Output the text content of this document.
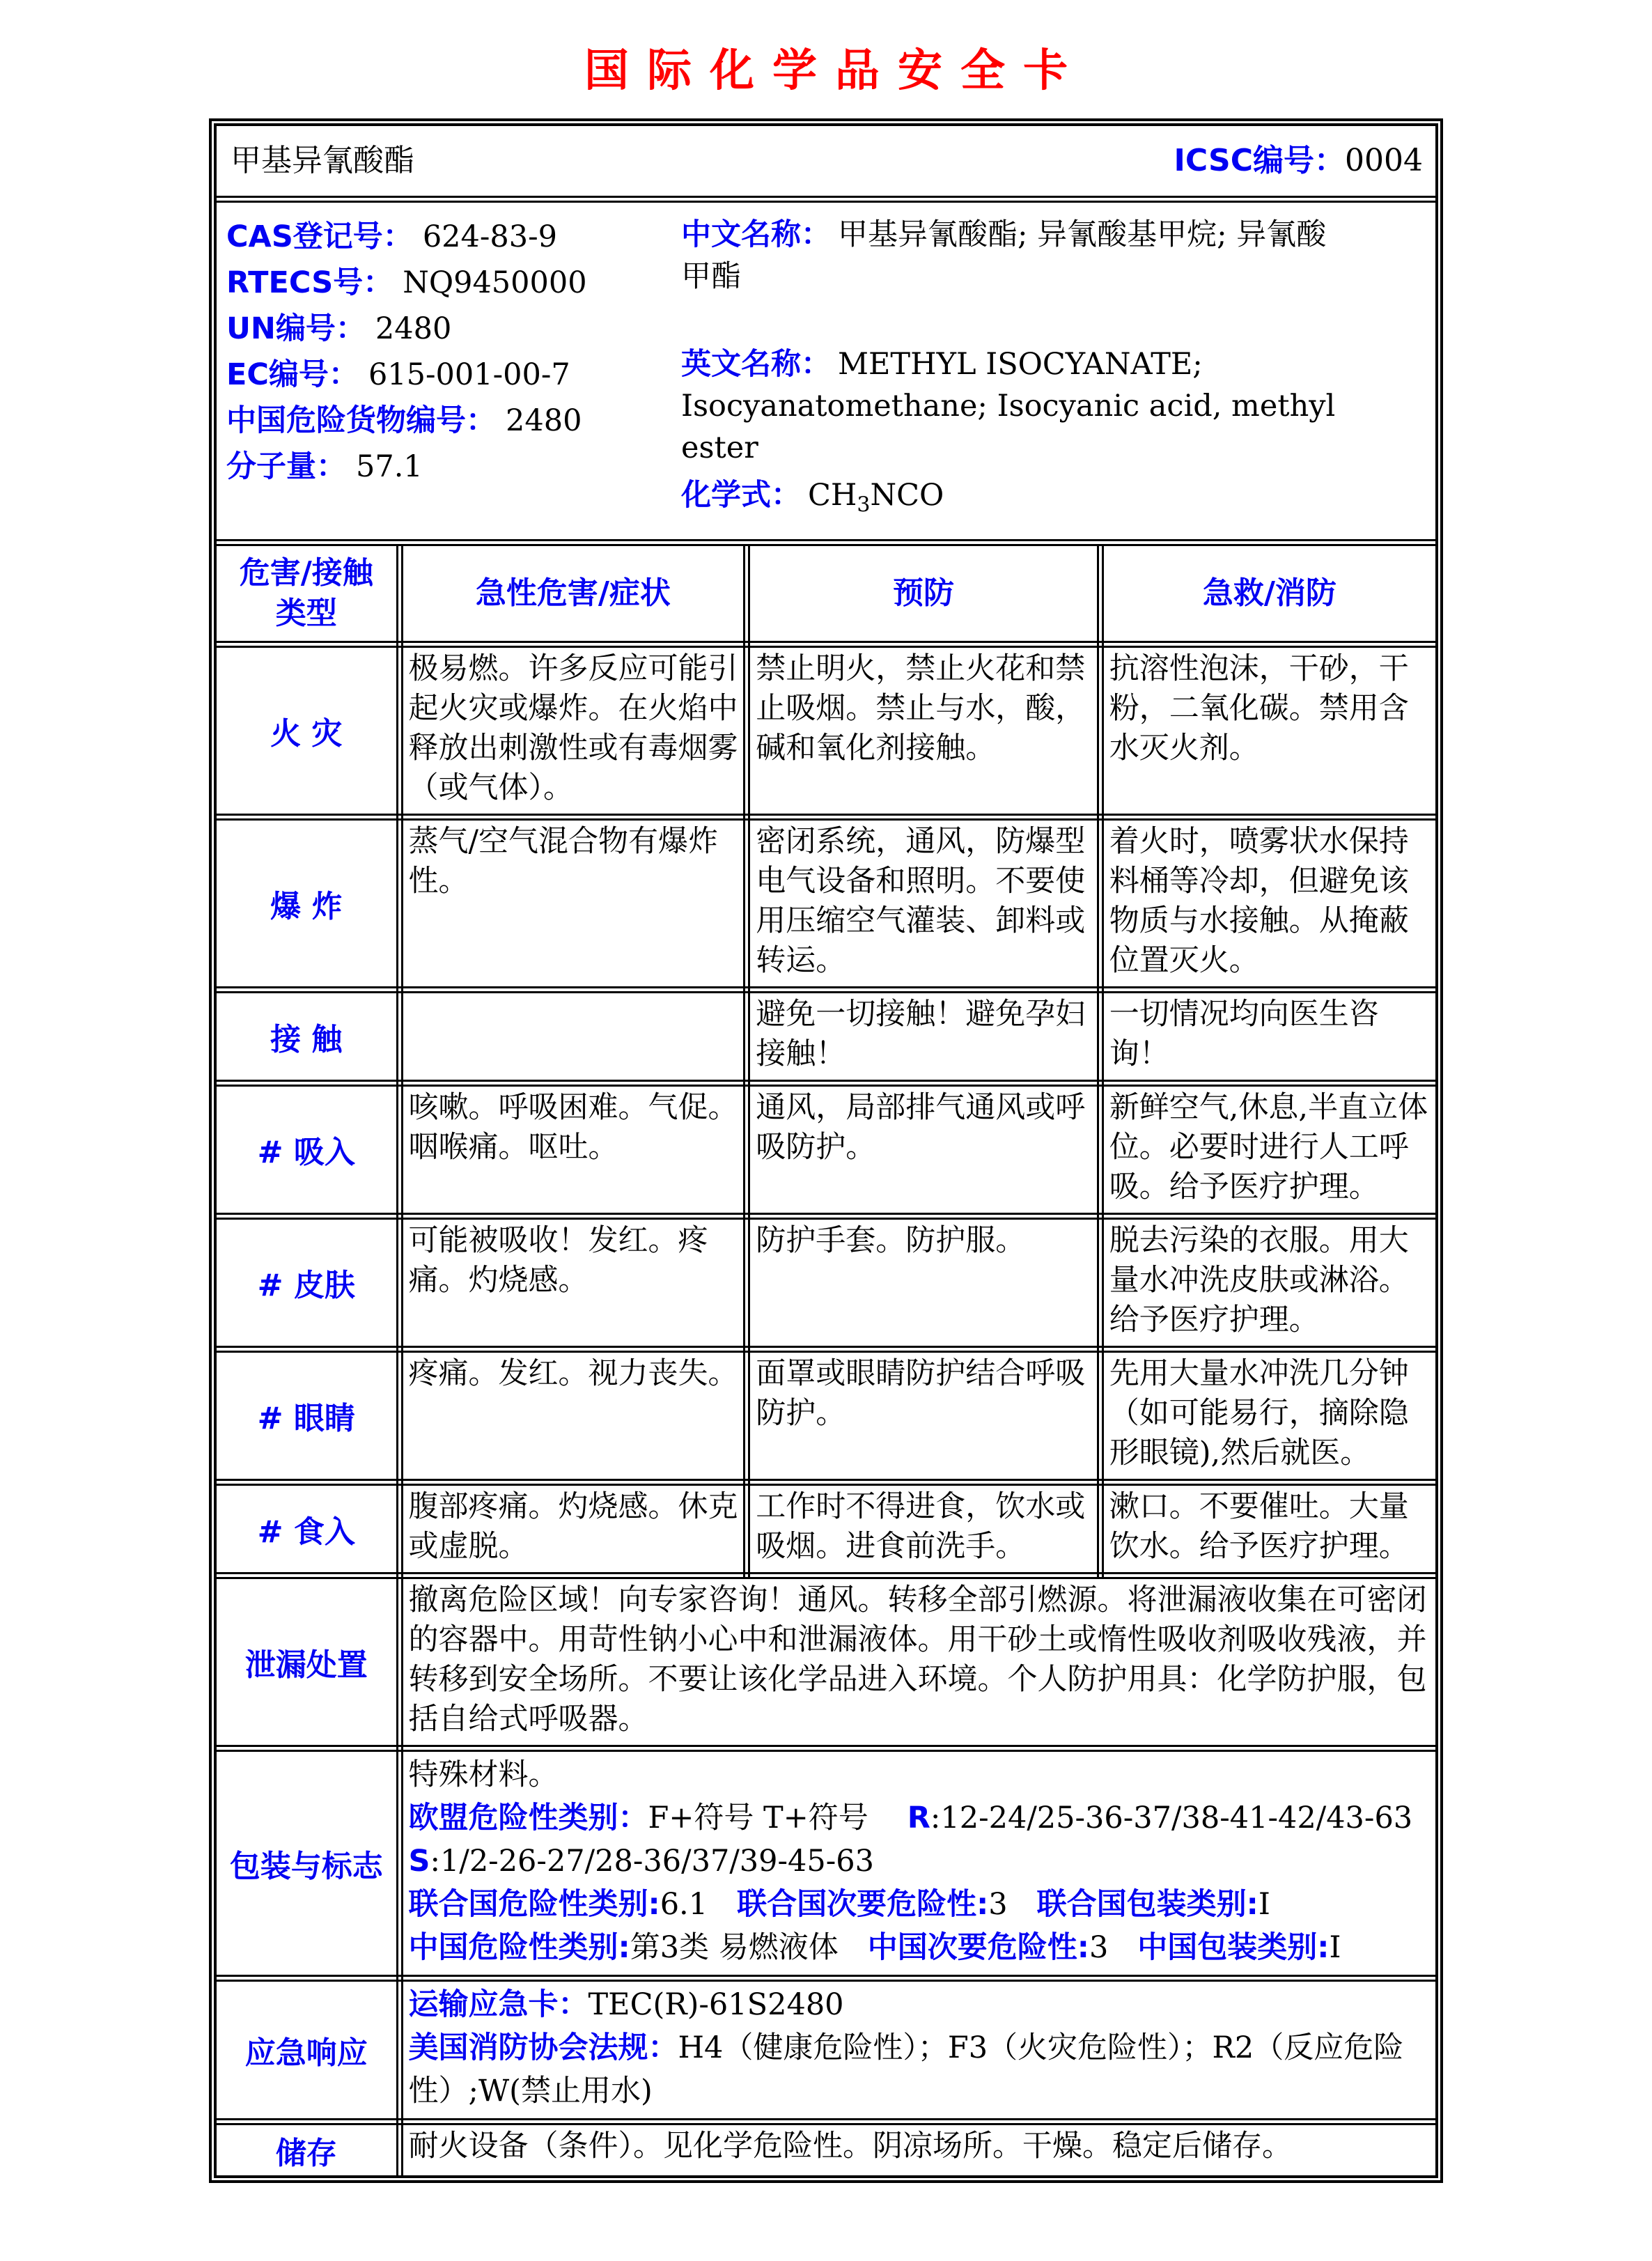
国际化学品安全卡
甲基异氰酸酯	ICSC编号：0004
CAS登记号： 624-83-9
RTECS号： NQ9450000
UN编号： 2480
EC编号： 615-001-00-7
中国危险货物编号： 2480
分子量： 57.1
中文名称： 甲基异氰酸酯; 异氰酸基甲烷; 异氰酸甲酯
英文名称： METHYL ISOCYANATE; Isocyanatomethane; Isocyanic acid, methyl ester
化学式： $CH_3NCO$
危害/接触
类型	急性危害/症状	预防	急救/消防
火 灾	极易燃。许多反应可能引起火灾或爆炸。在火焰中释放出刺激性或有毒烟雾（或气体）。	禁止明火，禁止火花和禁止吸烟。禁止与水，酸，碱和氧化剂接触。	抗溶性泡沫，干砂，干粉，二氧化碳。禁用含水灭火剂。
爆 炸	蒸气/空气混合物有爆炸性。	密闭系统，通风，防爆型电气设备和照明。不要使用压缩空气灌装、卸料或转运。	着火时，喷雾状水保持料桶等冷却，但避免该物质与水接触。从掩蔽位置灭火。
接 触		避免一切接触！避免孕妇接触！	一切情况均向医生咨询！
# 吸入	咳嗽。呼吸困难。气促。咽喉痛。呕吐。	通风，局部排气通风或呼吸防护。	新鲜空气,休息,半直立体位。必要时进行人工呼吸。给予医疗护理。
# 皮肤	可能被吸收！发红。疼痛。灼烧感。	防护手套。防护服。	脱去污染的衣服。用大量水冲洗皮肤或淋浴。给予医疗护理。
# 眼睛	疼痛。发红。视力丧失。	面罩或眼睛防护结合呼吸防护。	先用大量水冲洗几分钟（如可能易行，摘除隐形眼镜),然后就医。
# 食入	腹部疼痛。灼烧感。休克或虚脱。	工作时不得进食，饮水或吸烟。进食前洗手。	漱口。不要催吐。大量饮水。给予医疗护理。
泄漏处置	撤离危险区域！向专家咨询！通风。转移全部引燃源。将泄漏液收集在可密闭的容器中。用苛性钠小心中和泄漏液体。用干砂土或惰性吸收剂吸收残液，并转移到安全场所。不要让该化学品进入环境。个人防护用具：化学防护服，包括自给式呼吸器。		
包装与标志	特殊材料。
欧盟危险性类别：F+符号 T+符号 R:12-24/25-36-37/38-41-42/43-63
S:1/2-26-27/28-36/37/39-45-63
联合国危险性类别:6.1 联合国次要危险性:3 联合国包装类别:I
中国危险性类别:第3类 易燃液体 中国次要危险性:3 中国包装类别:I		

应急响应	运输应急卡：TEC(R)-61S2480
美国消防协会法规：H4（健康危险性）；F3（火灾危险性）；R2（反应危险性）;W(禁止用水)		

储存	耐火设备（条件）。见化学危险性。阴凉场所。干燥。稳定后储存。		
